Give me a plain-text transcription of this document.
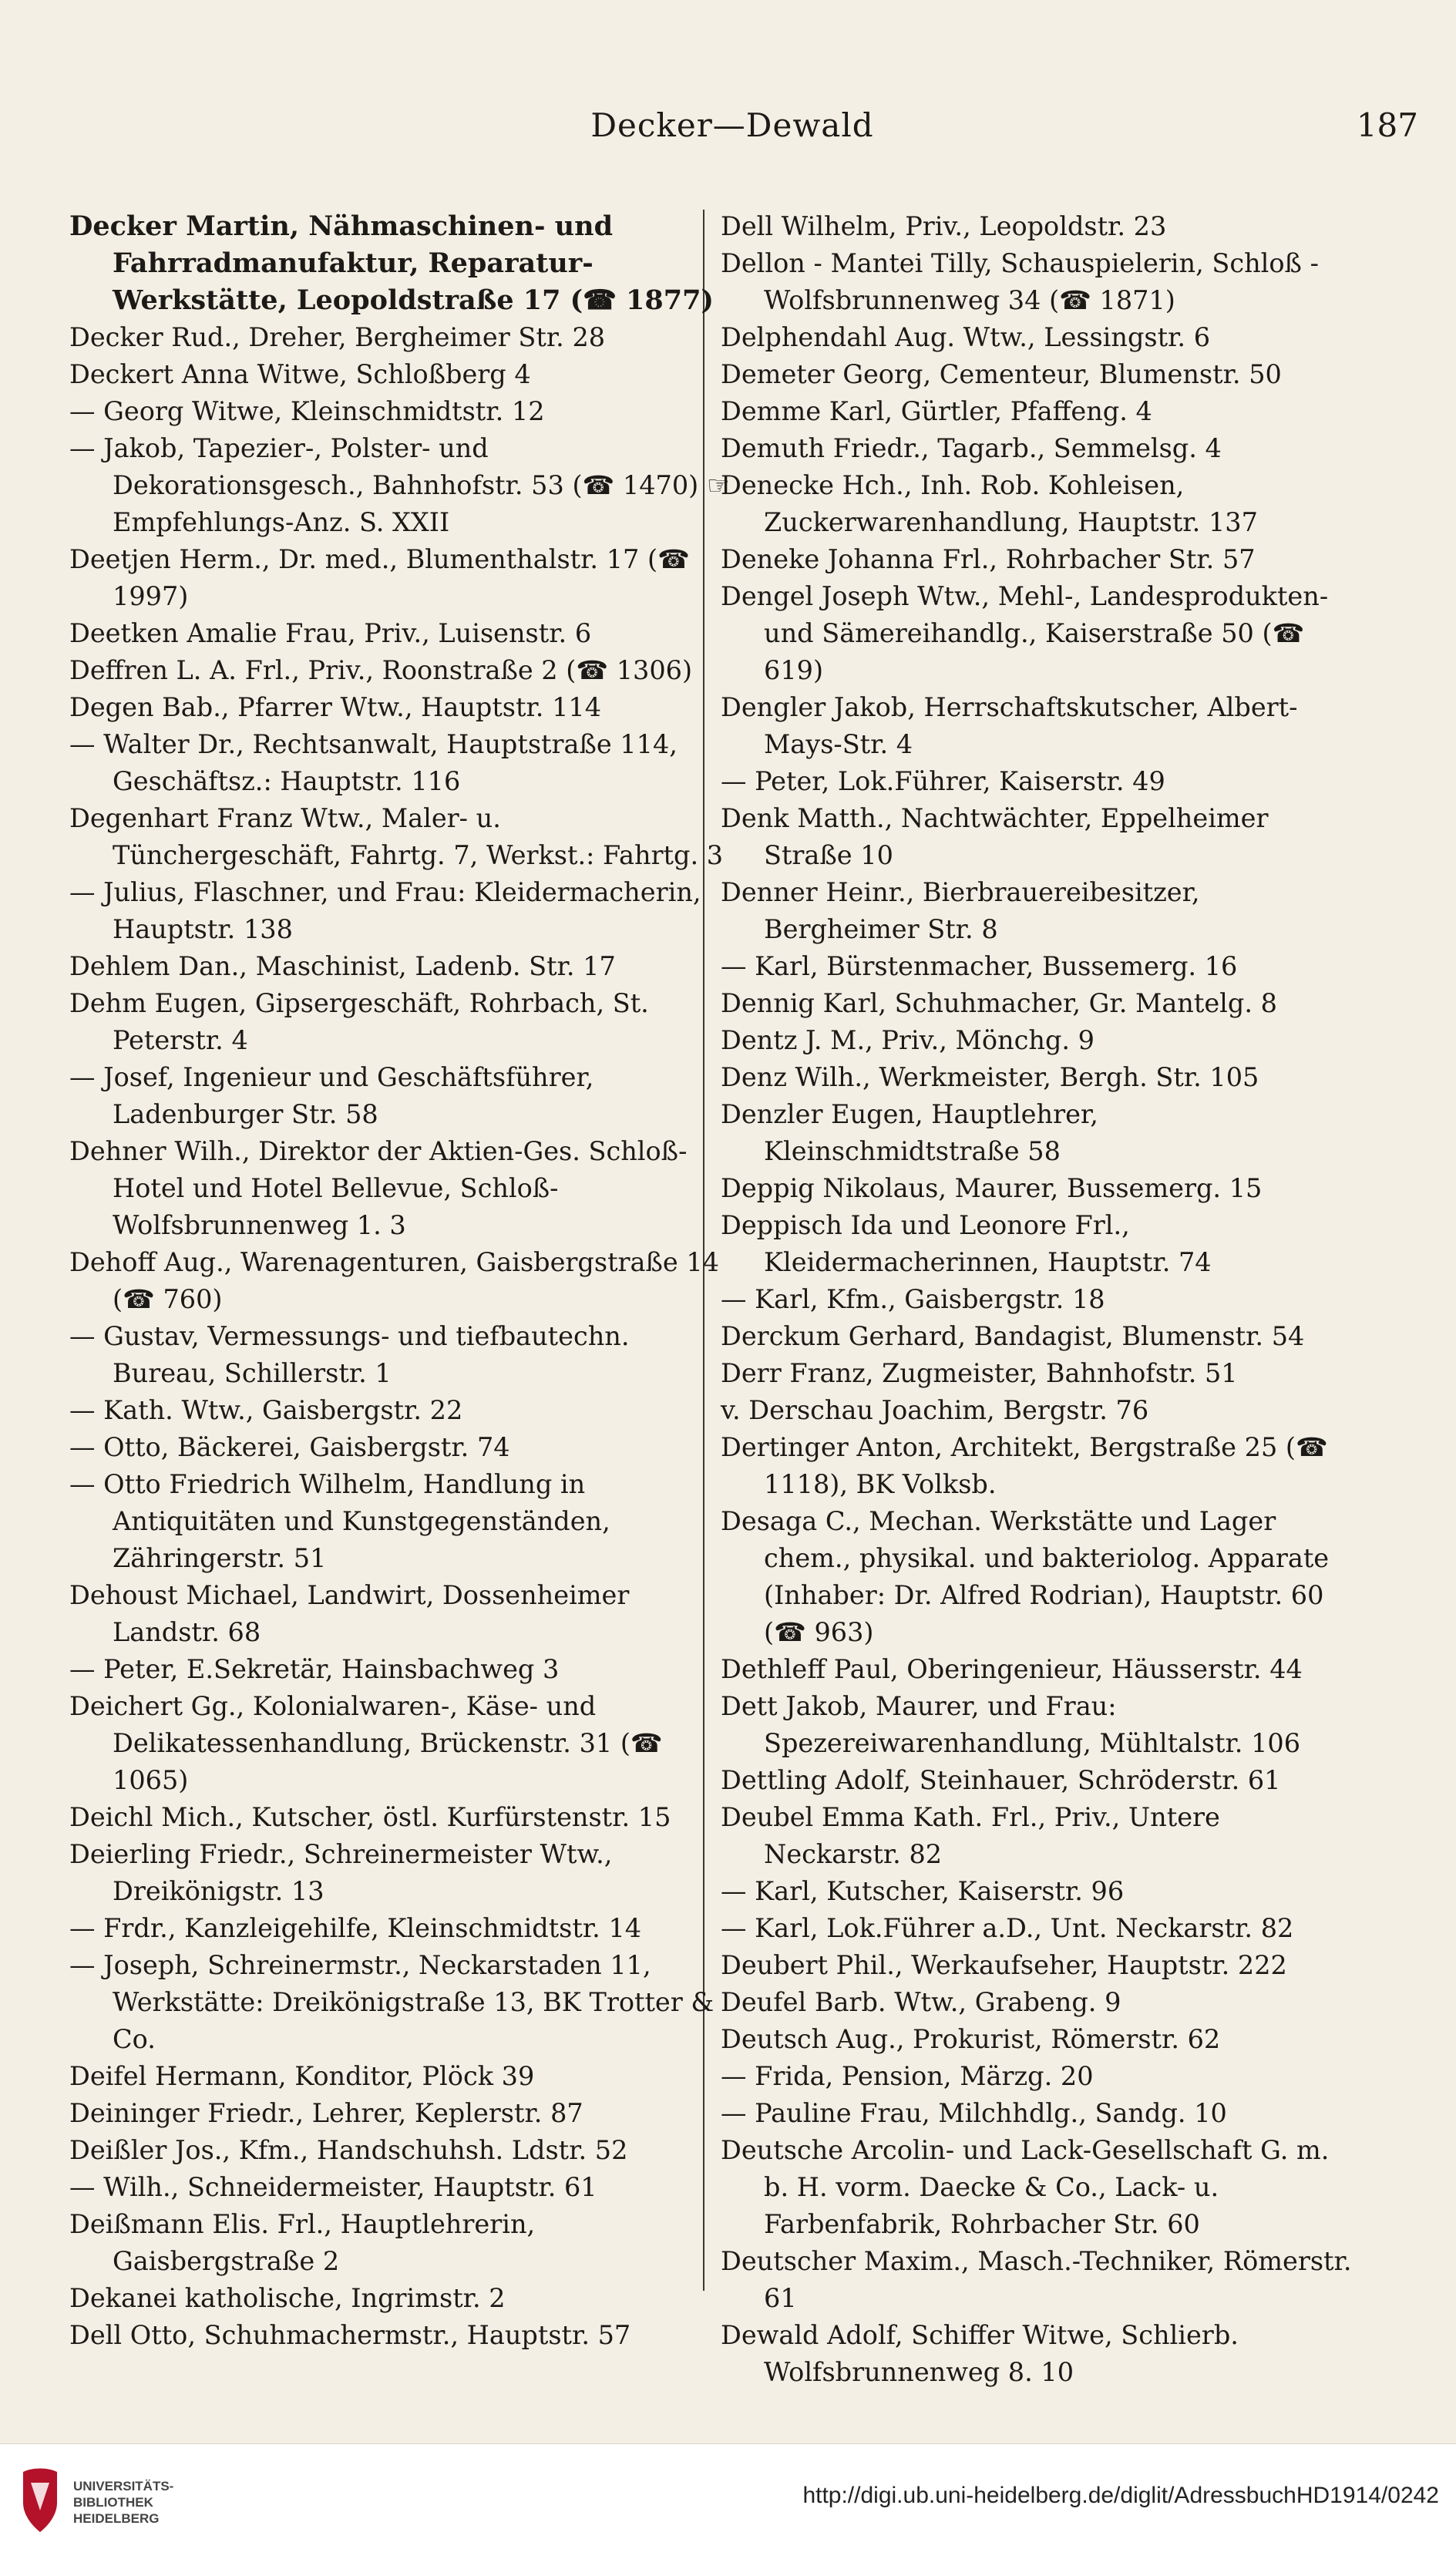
Decker—Dewald	187
Decker Martin, Nähmaschinen- und Fahrradmanufaktur, Reparatur-Werkstätte, Leopoldstraße 17 (☎ 1877)
Decker Rud., Dreher, Bergheimer Str. 28
Deckert Anna Witwe, Schloßberg 4
— Georg Witwe, Kleinschmidtstr. 12
— Jakob, Tapezier-, Polster- und Dekorationsgesch., Bahnhofstr. 53 (☎ 1470) ☞ Empfehlungs-Anz. S. XXII
Deetjen Herm., Dr. med., Blumenthalstr. 17 (☎ 1997)
Deetken Amalie Frau, Priv., Luisenstr. 6
Deffren L. A. Frl., Priv., Roonstraße 2 (☎ 1306)
Degen Bab., Pfarrer Wtw., Hauptstr. 114
— Walter Dr., Rechtsanwalt, Hauptstraße 114, Geschäftsz.: Hauptstr. 116
Degenhart Franz Wtw., Maler- u. Tünchergeschäft, Fahrtg. 7, Werkst.: Fahrtg. 3
— Julius, Flaschner, und Frau: Kleidermacherin, Hauptstr. 138
Dehlem Dan., Maschinist, Ladenb. Str. 17
Dehm Eugen, Gipsergeschäft, Rohrbach, St. Peterstr. 4
— Josef, Ingenieur und Geschäftsführer, Ladenburger Str. 58
Dehner Wilh., Direktor der Aktien-Ges. Schloß-Hotel und Hotel Bellevue, Schloß-Wolfsbrunnenweg 1. 3
Dehoff Aug., Warenagenturen, Gaisbergstraße 14 (☎ 760)
— Gustav, Vermessungs- und tiefbautechn. Bureau, Schillerstr. 1
— Kath. Wtw., Gaisbergstr. 22
— Otto, Bäckerei, Gaisbergstr. 74
— Otto Friedrich Wilhelm, Handlung in Antiquitäten und Kunstgegenständen, Zähringerstr. 51
Dehoust Michael, Landwirt, Dossenheimer Landstr. 68
— Peter, E.Sekretär, Hainsbachweg 3
Deichert Gg., Kolonialwaren-, Käse- und Delikatessenhandlung, Brückenstr. 31 (☎ 1065)
Deichl Mich., Kutscher, östl. Kurfürstenstr. 15
Deierling Friedr., Schreinermeister Wtw., Dreikönigstr. 13
— Frdr., Kanzleigehilfe, Kleinschmidtstr. 14
— Joseph, Schreinermstr., Neckarstaden 11, Werkstätte: Dreikönigstraße 13, BK Trotter & Co.
Deifel Hermann, Konditor, Plöck 39
Deininger Friedr., Lehrer, Keplerstr. 87
Deißler Jos., Kfm., Handschuhsh. Ldstr. 52
— Wilh., Schneidermeister, Hauptstr. 61
Deißmann Elis. Frl., Hauptlehrerin, Gaisbergstraße 2
Dekanei katholische, Ingrimstr. 2
Dell Otto, Schuhmachermstr., Hauptstr. 57
Dell Wilhelm, Priv., Leopoldstr. 23
Dellon - Mantei Tilly, Schauspielerin, Schloß - Wolfsbrunnenweg 34 (☎ 1871)
Delphendahl Aug. Wtw., Lessingstr. 6
Demeter Georg, Cementeur, Blumenstr. 50
Demme Karl, Gürtler, Pfaffeng. 4
Demuth Friedr., Tagarb., Semmelsg. 4
Denecke Hch., Inh. Rob. Kohleisen, Zuckerwarenhandlung, Hauptstr. 137
Deneke Johanna Frl., Rohrbacher Str. 57
Dengel Joseph Wtw., Mehl-, Landesprodukten- und Sämereihandlg., Kaiserstraße 50 (☎ 619)
Dengler Jakob, Herrschaftskutscher, Albert-Mays-Str. 4
— Peter, Lok.Führer, Kaiserstr. 49
Denk Matth., Nachtwächter, Eppelheimer Straße 10
Denner Heinr., Bierbrauereibesitzer, Bergheimer Str. 8
— Karl, Bürstenmacher, Bussemerg. 16
Dennig Karl, Schuhmacher, Gr. Mantelg. 8
Dentz J. M., Priv., Mönchg. 9
Denz Wilh., Werkmeister, Bergh. Str. 105
Denzler Eugen, Hauptlehrer, Kleinschmidtstraße 58
Deppig Nikolaus, Maurer, Bussemerg. 15
Deppisch Ida und Leonore Frl., Kleidermacherinnen, Hauptstr. 74
— Karl, Kfm., Gaisbergstr. 18
Derckum Gerhard, Bandagist, Blumenstr. 54
Derr Franz, Zugmeister, Bahnhofstr. 51
v. Derschau Joachim, Bergstr. 76
Dertinger Anton, Architekt, Bergstraße 25 (☎ 1118), BK Volksb.
Desaga C., Mechan. Werkstätte und Lager chem., physikal. und bakteriolog. Apparate (Inhaber: Dr. Alfred Rodrian), Hauptstr. 60 (☎ 963)
Dethleff Paul, Oberingenieur, Häusserstr. 44
Dett Jakob, Maurer, und Frau: Spezereiwarenhandlung, Mühltalstr. 106
Dettling Adolf, Steinhauer, Schröderstr. 61
Deubel Emma Kath. Frl., Priv., Untere Neckarstr. 82
— Karl, Kutscher, Kaiserstr. 96
— Karl, Lok.Führer a.D., Unt. Neckarstr. 82
Deubert Phil., Werkaufseher, Hauptstr. 222
Deufel Barb. Wtw., Grabeng. 9
Deutsch Aug., Prokurist, Römerstr. 62
— Frida, Pension, Märzg. 20
— Pauline Frau, Milchhdlg., Sandg. 10
Deutsche Arcolin- und Lack-Gesellschaft G. m. b. H. vorm. Daecke & Co., Lack- u. Farbenfabrik, Rohrbacher Str. 60
Deutscher Maxim., Masch.-Techniker, Römerstr. 61
Dewald Adolf, Schiffer Witwe, Schlierb. Wolfsbrunnenweg 8. 10
UNIVERSITÄTS-
BIBLIOTHEK
HEIDELBERG
http://digi.ub.uni-heidelberg.de/diglit/AdressbuchHD1914/0242
